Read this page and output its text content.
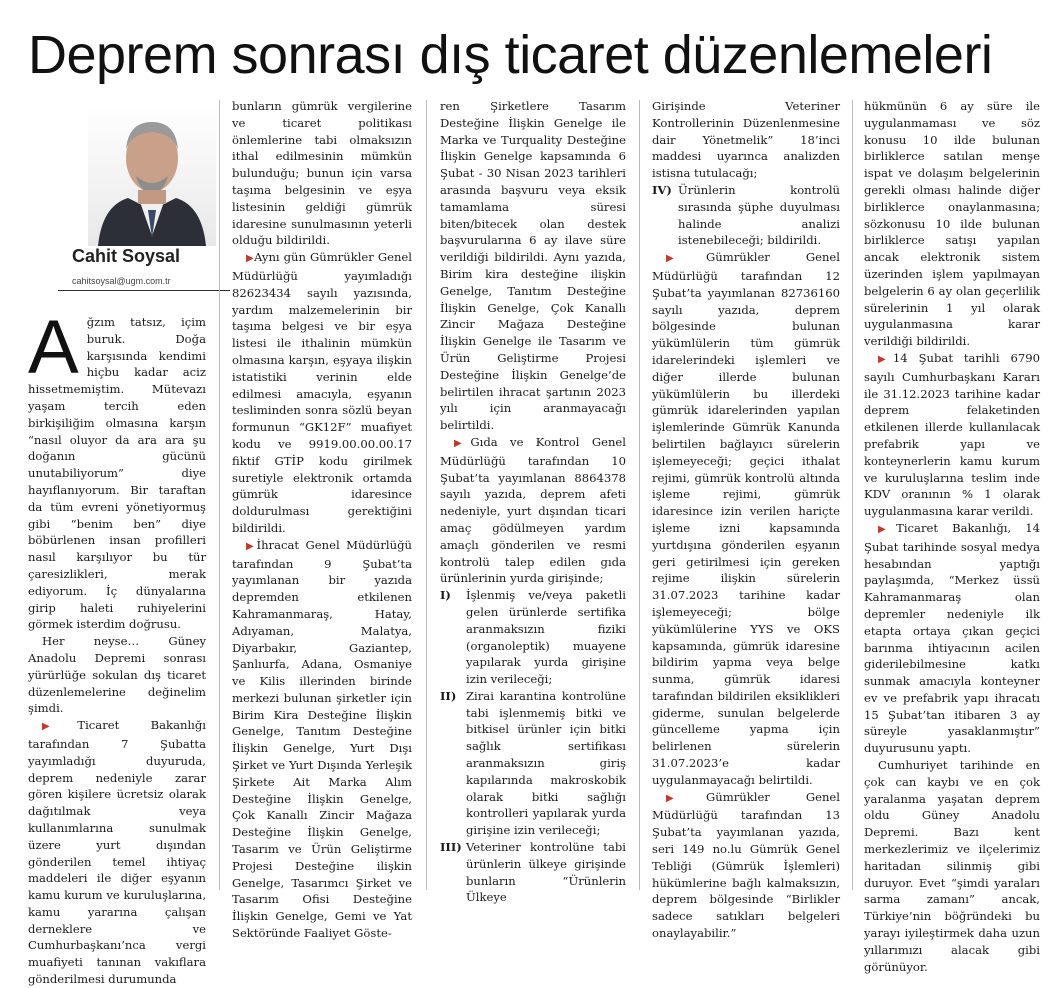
Deprem sonrası dış ticaret düzenlemeleri
Cahit Soysal
cahitsoysal@ugm.com.tr

Ağzım tatsız, içim buruk. Doğa karşısında kendimi hiçbu kadar aciz hissetmemiştim. Mütevazı yaşam tercih eden birkişiliğim olmasına karşın “nasıl oluyor da ara ara şu doğanın gücünü unutabiliyorum” diye hayıflanıyorum. Bir taraftan da tüm evreni yönetiyormuş gibi “benim ben” diye böbürlenen insan profilleri nasıl karşılıyor bu tür çaresizlikleri, merak ediyorum. İç dünyalarına girip haleti ruhiyelerini görmek isterdim doğrusu.

Her neyse… Güney Anadolu Depremi sonrası yürürlüğe sokulan dış ticaret düzenlemelerine değinelim şimdi.

▶Ticaret Bakanlığı tarafından 7 Şubatta yayımladığı duyuruda, deprem nedeniyle zarar gören kişilere ücretsiz olarak dağıtılmak veya kullanımlarına sunulmak üzere yurt dışından gönderilen temel ihtiyaç maddeleri ile diğer eşyanın kamu kurum ve kuruluşlarına, kamu yararına çalışan derneklere ve Cumhurbaşkanı’nca vergi muafiyeti tanınan vakıflara gönderilmesi durumunda

bunların gümrük vergilerine ve ticaret politikası önlemlerine tabi olmaksızın ithal edilmesinin mümkün bulunduğu; bunun için varsa taşıma belgesinin ve eşya listesinin geldiği gümrük idaresine sunulmasının yeterli olduğu bildirildi.

▶Aynı gün Gümrükler Genel Müdürlüğü yayımladığı 82623434 sayılı yazısında, yardım malzemelerinin bir taşıma belgesi ve bir eşya listesi ile ithalinin mümkün olmasına karşın, eşyaya ilişkin istatistiki verinin elde edilmesi amacıyla, eşyanın tesliminden sonra sözlü beyan formunun “GK12F” muafiyet kodu ve 9919.00.00.00.17 fiktif GTİP kodu girilmek suretiyle elektronik ortamda gümrük idaresince doldurulması gerektiğini bildirildi.

▶İhracat Genel Müdürlüğü tarafından 9 Şubat’ta yayımlanan bir yazıda depremden etkilenen Kahramanmaraş, Hatay, Adıyaman, Malatya, Diyarbakır, Gaziantep, Şanlıurfa, Adana, Osmaniye ve Kilis illerinden birinde merkezi bulunan şirketler için Birim Kira Desteğine İlişkin Genelge, Tanıtım Desteğine İlişkin Genelge, Yurt Dışı Şirket ve Yurt Dışında Yerleşik Şirkete Ait Marka Alım Desteğine İlişkin Genelge, Çok Kanallı Zincir Mağaza Desteğine İlişkin Genelge, Tasarım ve Ürün Geliştirme Projesi Desteğine ilişkin Genelge, Tasarımcı Şirket ve Tasarım Ofisi Desteğine İlişkin Genelge, Gemi ve Yat Sektöründe Faaliyet Göste-

ren Şirketlere Tasarım Desteğine İlişkin Genelge ile Marka ve Turquality Desteğine İlişkin Genelge kapsamında 6 Şubat - 30 Nisan 2023 tarihleri arasında başvuru veya eksik tamamlama süresi biten/bitecek olan destek başvurularına 6 ay ilave süre verildiği bildirildi. Aynı yazıda, Birim kira desteğine ilişkin Genelge, Tanıtım Desteğine İlişkin Genelge, Çok Kanallı Zincir Mağaza Desteğine İlişkin Genelge ile Tasarım ve Ürün Geliştirme Projesi Desteğine İlişkin Genelge’de belirtilen ihracat şartının 2023 yılı için aranmayacağı belirtildi.

▶Gıda ve Kontrol Genel Müdürlüğü tarafından 10 Şubat’ta yayımlanan 8864378 sayılı yazıda, deprem afeti nedeniyle, yurt dışından ticari amaç gödülmeyen yardım amaçlı gönderilen ve resmi kontrolü talep edilen gıda ürünlerinin yurda girişinde;

I)	İşlenmiş ve/veya paketli gelen ürünlerde sertifika aranmaksızın fiziki (organoleptik) muayene yapılarak yurda girişine izin verileceği;
II) Zirai karantina kontrolüne tabi işlenmemiş bitki ve bitkisel ürünler için bitki sağlık sertifikası aranmaksızın giriş kapılarında makroskobik olarak bitki sağlığı kontrolleri yapılarak yurda girişine izin verileceği;
III) Veteriner kontrolüne tabi ürünlerin ülkeye girişinde bunların “Ürünlerin Ülkeye

Girişinde Veteriner Kontrollerinin Düzenlenmesine dair Yönetmelik” 18’inci maddesi uyarınca analizden istisna tutulacağı;

IV) Ürünlerin kontrolü sırasında şüphe duyulması halinde analizi istenebileceği; bildirildi.

▶Gümrükler Genel Müdürlüğü tarafından 12 Şubat’ta yayımlanan 82736160 sayılı yazıda, deprem bölgesinde bulunan yükümlülerin tüm gümrük idarelerindeki işlemleri ve diğer illerde bulunan yükümlülerin bu illerdeki gümrük idarelerinden yapılan işlemlerinde Gümrük Kanunda belirtilen bağlayıcı sürelerin işlemeyeceği; geçici ithalat rejimi, gümrük kontrolü altında işleme rejimi, gümrük idaresince izin verilen hariçte işleme izni kapsamında yurtdışına gönderilen eşyanın geri getirilmesi için gereken rejime ilişkin sürelerin 31.07.2023 tarihine kadar işlemeyeceği; bölge yükümlülerine YYS ve OKS kapsamında, gümrük idaresine bildirim yapma veya belge sunma, gümrük idaresi tarafından bildirilen eksiklikleri giderme, sunulan belgelerde güncelleme yapma için belirlenen sürelerin 31.07.2023’e kadar uygulanmayacağı belirtildi.

▶Gümrükler Genel Müdürlüğü tarafından 13 Şubat’ta yayımlanan yazıda, seri 149 no.lu Gümrük Genel Tebliği (Gümrük İşlemleri) hükümlerine bağlı kalmaksızın, deprem bölgesinde “Birlikler sadece satıkları belgeleri onaylayabilir.”

hükmünün 6 ay süre ile uygulanmaması ve söz konusu 10 ilde bulunan birliklerce satılan menşe ispat ve dolaşım belgelerinin gerekli olması halinde diğer birliklerce onaylanmasına; sözkonusu 10 ilde bulunan birliklerce satışı yapılan ancak elektronik sistem üzerinden işlem yapılmayan belgelerin 6 ay olan geçerlilik sürelerinin 1 yıl olarak uygulanmasına karar verildiği bildirildi.

▶14 Şubat tarihli 6790 sayılı Cumhurbaşkanı Kararı ile 31.12.2023 tarihine kadar deprem felaketinden etkilenen illerde kullanılacak prefabrik yapı ve konteynerlerin kamu kurum ve kuruluşlarına teslim inde KDV oranının % 1 olarak uygulanmasına karar verildi.

▶Ticaret Bakanlığı, 14 Şubat tarihinde sosyal medya hesabından yaptığı paylaşımda, “Merkez üssü Kahramanmaraş olan depremler nedeniyle ilk etapta ortaya çıkan geçici barınma ihtiyacının acilen giderilebilmesine katkı sunmak amacıyla konteyner ev ve prefabrik yapı ihracatı 15 Şubat’tan itibaren 3 ay süreyle yasaklanmıştır” duyurusunu yaptı.

Cumhuriyet tarihinde en çok can kaybı ve en çok yaralanma yaşatan deprem oldu Güney Anadolu Depremi. Bazı kent merkezlerimiz ve ilçelerimiz haritadan silinmiş gibi duruyor. Evet “şimdi yaraları sarma zamanı” ancak, Türkiye’nin böğründeki bu yarayı iyileştirmek daha uzun yıllarımızı alacak gibi görünüyor.
